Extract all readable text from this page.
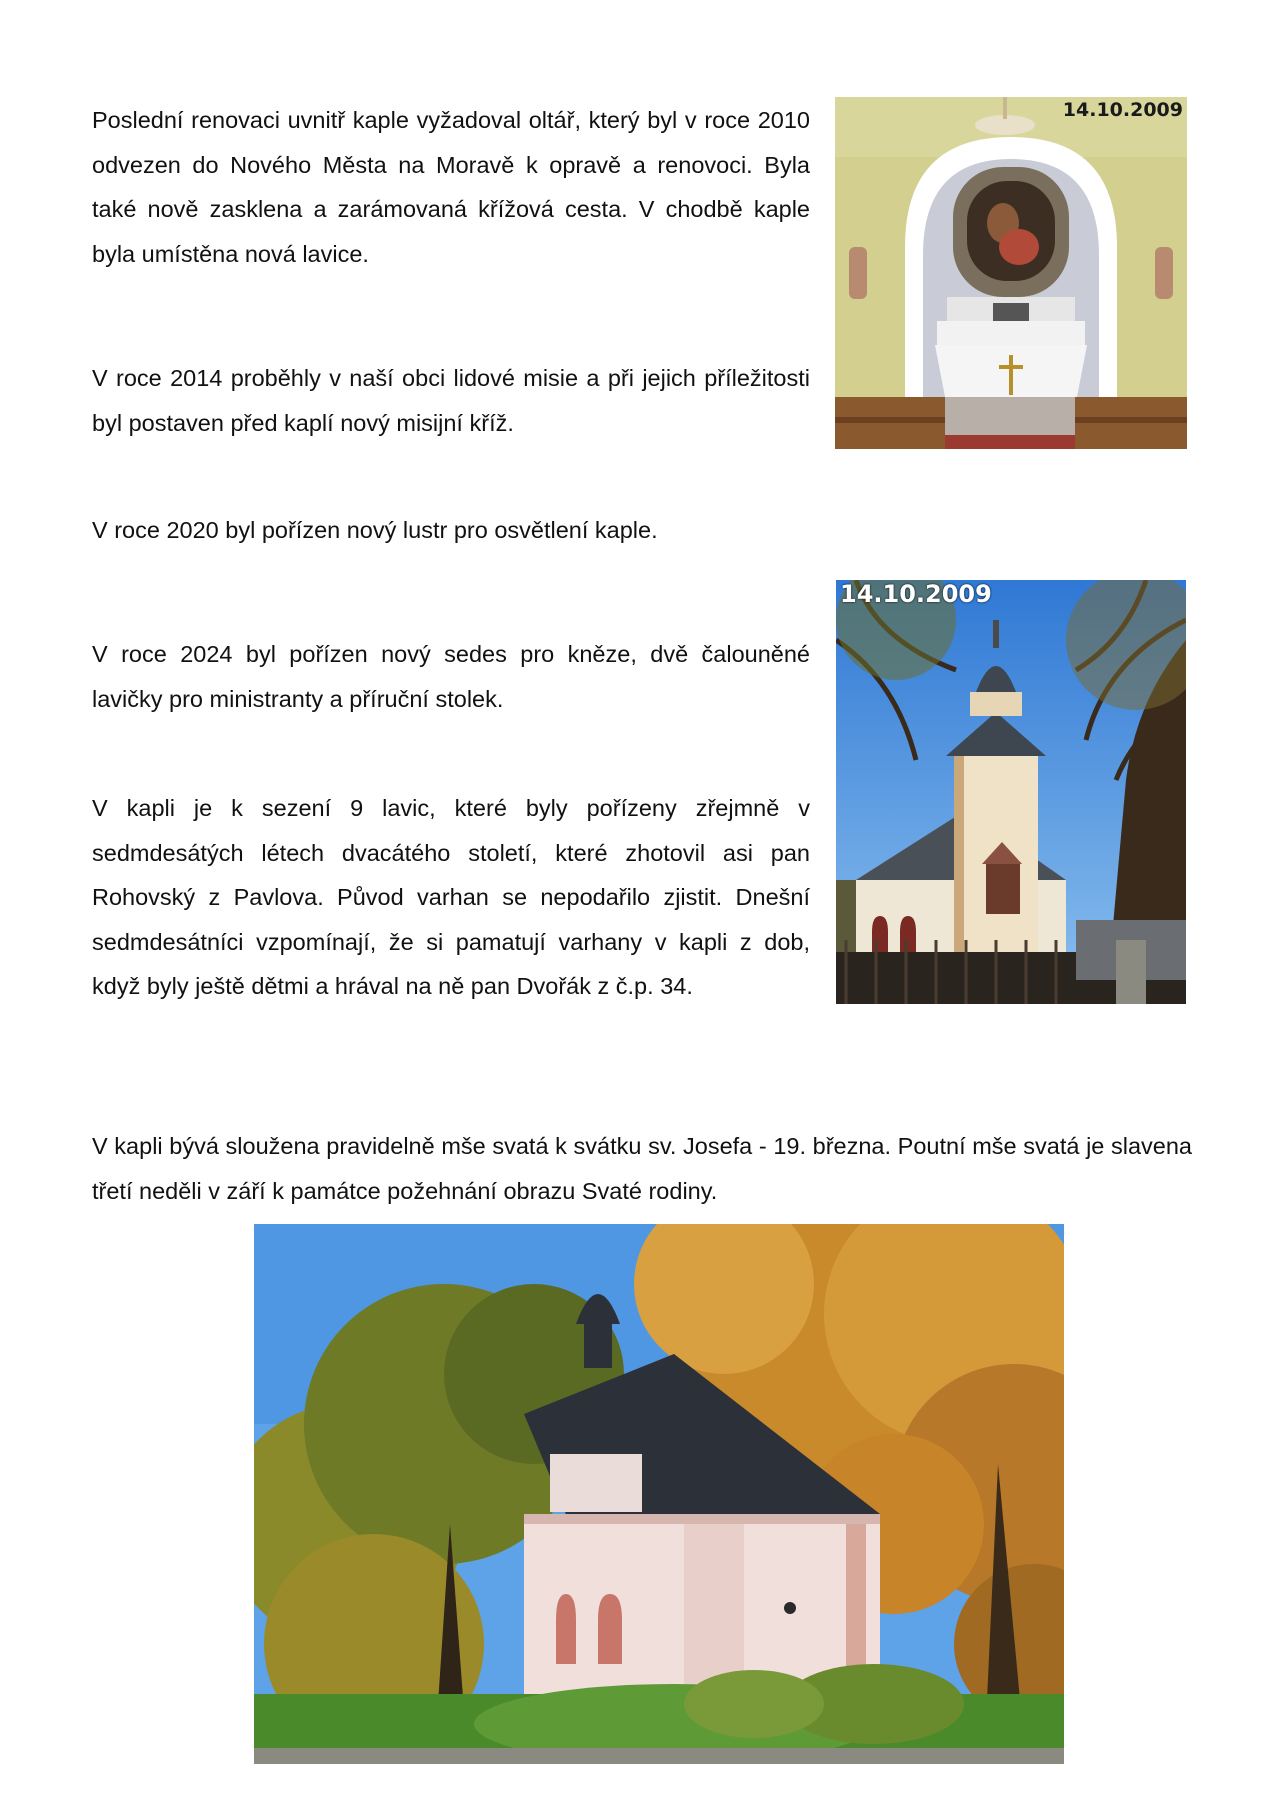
Poslední renovaci uvnitř kaple vyžadoval oltář, který byl v roce 2010 odvezen do Nového Města na Moravě k opravě a renovoci. Byla také nově zasklena a zarámovaná křížová cesta. V chodbě kaple byla umístěna nová lavice.

V roce 2014 proběhly v naší obci lidové misie a při jejich příležitosti byl postaven před kaplí nový misijní kříž.

V roce 2020 byl pořízen nový lustr pro osvětlení kaple.

V roce 2024 byl pořízen nový sedes pro kněze, dvě čalouněné lavičky pro ministranty a příruční stolek.

V kapli je k sezení 9 lavic, které byly pořízeny zřejmně v sedmdesátých létech dvacátého století, které zhotovil asi pan Rohovský z Pavlova. Původ varhan se nepodařilo zjistit. Dnešní sedmdesátníci vzpomínají, že si pamatují varhany v kapli z dob, když byly ještě dětmi a hrával na ně pan Dvořák z č.p. 34.

V kapli bývá sloužena pravidelně mše svatá k svátku sv. Josefa - 19. března. Poutní mše svatá je slavena třetí neděli v září k památce požehnání obrazu Svaté rodiny.

14.10.2009
14.10.2009
